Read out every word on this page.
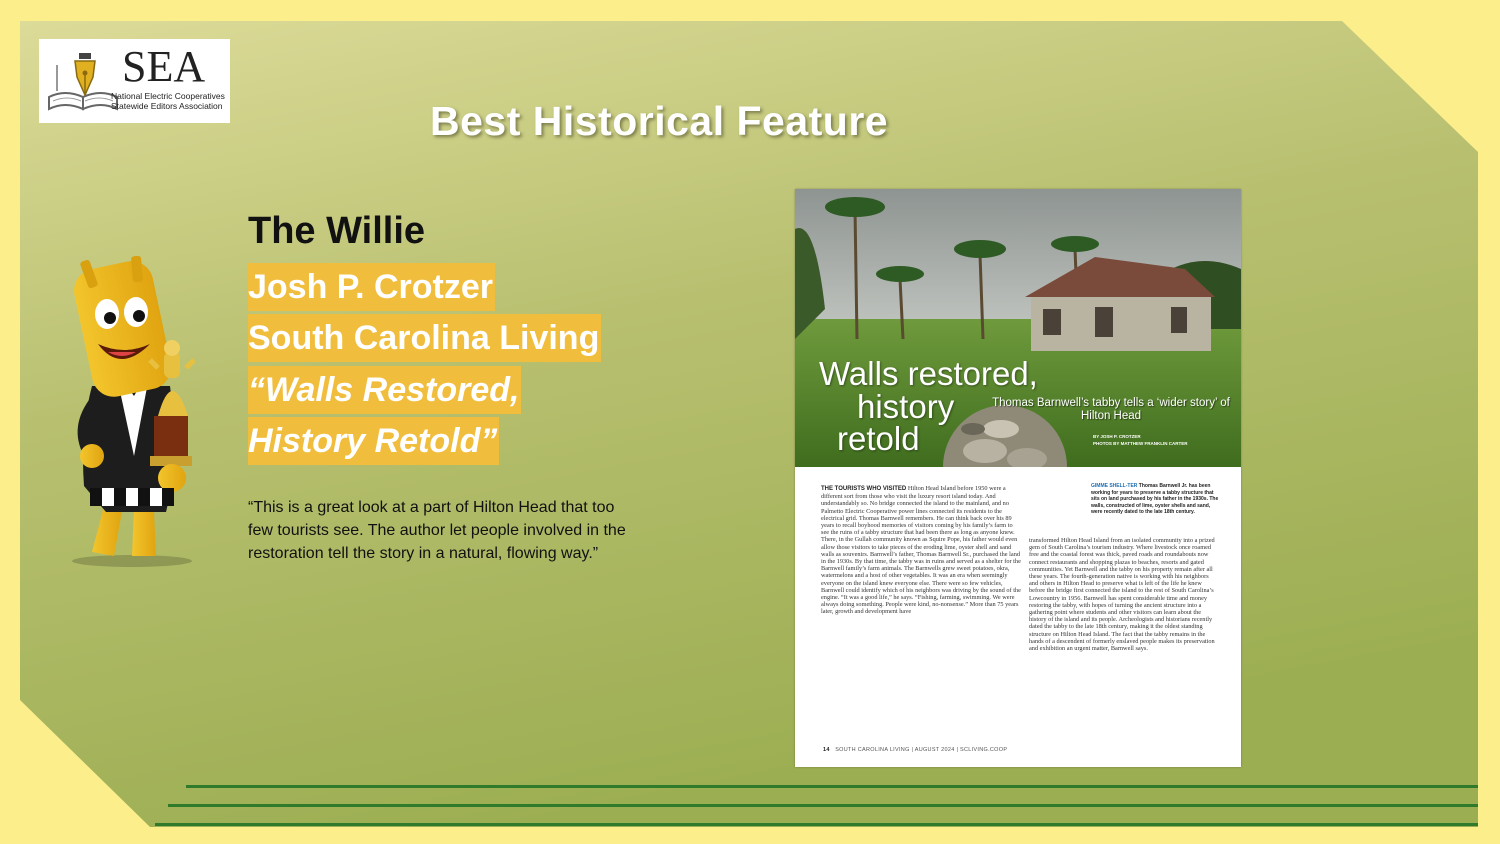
SEA
National Electric Cooperatives
Statewide Editors Association	Best Historical Feature
The Willie
Josh P. Crotzer
South Carolina Living
“Walls Restored,
History Retold”

“This is a great look at a part of Hilton Head that too few tourists see. The author let people involved in the restoration tell the story in a natural, flowing way.”

Walls restored,
history
retold
Thomas Barnwell’s tabby tells a ‘wider story’ of Hilton Head
BY JOSH P. CROTZER
PHOTOS BY MATTHEW FRANKLIN CARTER
THE TOURISTS WHO VISITED Hilton Head Island before 1950 were a different sort from those who visit the luxury resort island today. And understandably so. No bridge connected the island to the mainland, and no Palmetto Electric Cooperative power lines connected its residents to the electrical grid. Thomas Barnwell remembers. He can think back over his 89 years to recall boyhood memories of visitors coming by his family’s farm to see the ruins of a tabby structure that had been there as long as anyone knew. There, in the Gullah community known as Squire Pope, his father would even allow those visitors to take pieces of the eroding lime, oyster shell and sand walls as souvenirs. Barnwell’s father, Thomas Barnwell Sr., purchased the land in the 1930s. By that time, the tabby was in ruins and served as a shelter for the Barnwell family’s farm animals. The Barnwells grew sweet potatoes, okra, watermelons and a host of other vegetables. It was an era when seemingly everyone on the island knew everyone else. There were so few vehicles, Barnwell could identify which of his neighbors was driving by the sound of the engine. “It was a good life,” he says. “Fishing, farming, swimming. We were always doing something. People were kind, no-nonsense.” More than 75 years later, growth and development have
GIMME SHELL-TER Thomas Barnwell Jr. has been working for years to preserve a tabby structure that sits on land purchased by his father in the 1930s. The walls, constructed of lime, oyster shells and sand, were recently dated to the late 18th century.
transformed Hilton Head Island from an isolated community into a prized gem of South Carolina’s tourism industry. Where livestock once roamed free and the coastal forest was thick, paved roads and roundabouts now connect restaurants and shopping plazas to beaches, resorts and gated communities. Yet Barnwell and the tabby on his property remain after all these years. The fourth-generation native is working with his neighbors and others in Hilton Head to preserve what is left of the life he knew before the bridge first connected the island to the rest of South Carolina’s Lowcountry in 1956. Barnwell has spent considerable time and money restoring the tabby, with hopes of turning the ancient structure into a gathering point where students and other visitors can learn about the history of the island and its people. Archeologists and historians recently dated the tabby to the late 18th century, making it the oldest standing structure on Hilton Head Island. The fact that the tabby remains in the hands of a descendent of formerly enslaved people makes its preservation and exhibition an urgent matter, Barnwell says.
14 SOUTH CAROLINA LIVING | AUGUST 2024 | SCLIVING.COOP
